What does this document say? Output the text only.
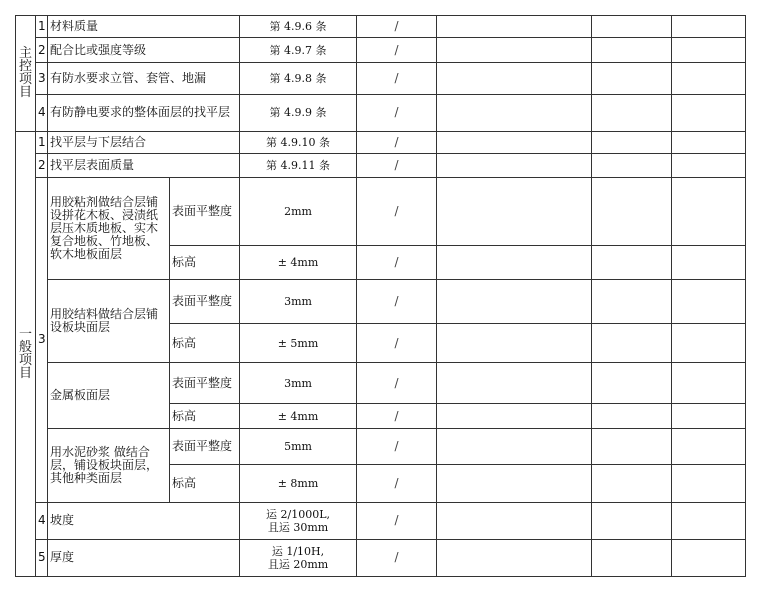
主
控
项
目	1	材料质量		第 4.9.6 条	/			
	2	配合比或强度等级		第 4.9.7 条	/			
	3	有防水要求立管、套管、地漏		第 4.9.8 条	/			
	4	有防静电要求的整体面层的找平层		第 4.9.9 条	/			

一
般
项
目	1	找平层与下层结合		第 4.9.10 条	/			
	2	找平层表面质量		第 4.9.11 条	/			
	3	用胶粘剂做结合层铺设拼花木板、浸渍纸层压木质地板、实木复合地板、竹地板、软木地板面层	表面平整度	2mm	/			
			标高	± 4mm	/			
		用胶结料做结合层铺设板块面层	表面平整度	3mm	/			
			标高	± 5mm	/			
		金属板面层	表面平整度	3mm	/			
			标高	± 4mm	/			
		用水泥砂浆 做结合层，铺设板块面层，其他种类面层	表面平整度	5mm	/			
			标高	± 8mm	/			
	4	坡度		运 2/1000L,
且运 30mm	/			
	5	厚度		运 1/10H,
且运 20mm	/			
